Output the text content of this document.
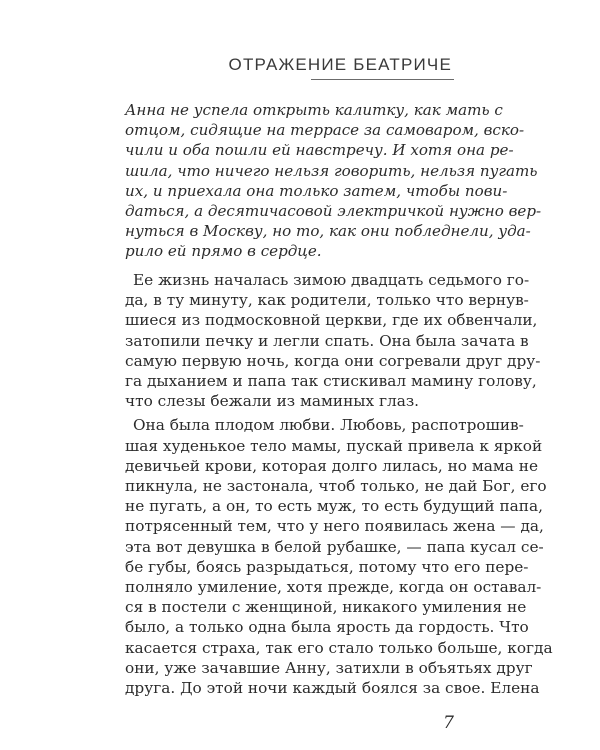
ОТРАЖЕНИЕ БЕАТРИЧЕ
Анна не успела открыть калитку, как мать с
отцом, сидящие на террасе за самоваром, вско-
чили и оба пошли ей навстречу. И хотя она ре-
шила, что ничего нельзя говорить, нельзя пугать
их, и приехала она только затем, чтобы пови-
даться, а десятичасовой электричкой нужно вер-
нуться в Москву, но то, как они побледнели, уда-
рило ей прямо в сердце.
Ее жизнь началась зимою двадцать седьмого го-
да, в ту минуту, как родители, только что вернув-
шиеся из подмосковной церкви, где их обвенчали,
затопили печку и легли спать. Она была зачата в
самую первую ночь, когда они согревали друг дру-
га дыханием и папа так стискивал мамину голову,
что слезы бежали из маминых глаз.
Она была плодом любви. Любовь, распотрошив-
шая худенькое тело мамы, пускай привела к яркой
девичьей крови, которая долго лилась, но мама не
пикнула, не застонала, чтоб только, не дай Бог, его
не пугать, а он, то есть муж, то есть будущий папа,
потрясенный тем, что у него появилась жена — да,
эта вот девушка в белой рубашке, — папа кусал се-
бе губы, боясь разрыдаться, потому что его пере-
полняло умиление, хотя прежде, когда он оставал-
ся в постели с женщиной, никакого умиления не
было, а только одна была ярость да гордость. Что
касается страха, так его стало только больше, когда
они, уже зачавшие Анну, затихли в объятьях друг
друга. До этой ночи каждый боялся за свое. Елена
7
